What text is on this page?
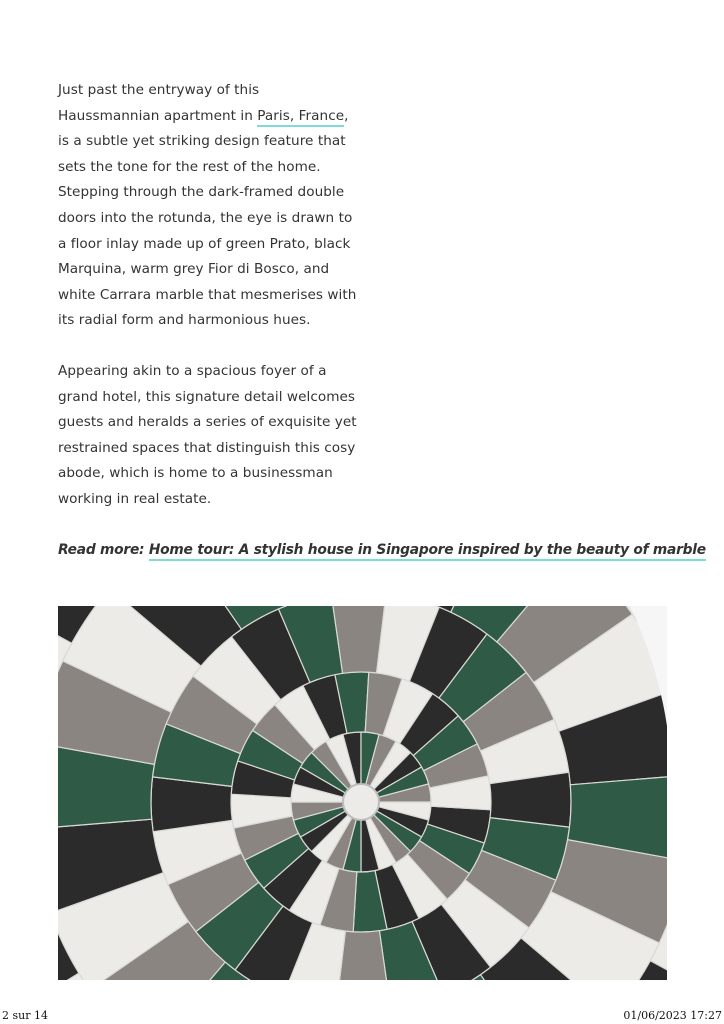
Just past the entryway of this Haussmannian apartment in Paris, France, is a subtle yet striking design feature that sets the tone for the rest of the home. Stepping through the dark-framed double doors into the rotunda, the eye is drawn to a floor inlay made up of green Prato, black Marquina, warm grey Fior di Bosco, and white Carrara marble that mesmerises with its radial form and harmonious hues.

Appearing akin to a spacious foyer of a grand hotel, this signature detail welcomes guests and heralds a series of exquisite yet restrained spaces that distinguish this cosy abode, which is home to a businessman working in real estate.

Read more: Home tour: A stylish house in Singapore inspired by the beauty of marble
2 sur 14	01/06/2023 17:27
